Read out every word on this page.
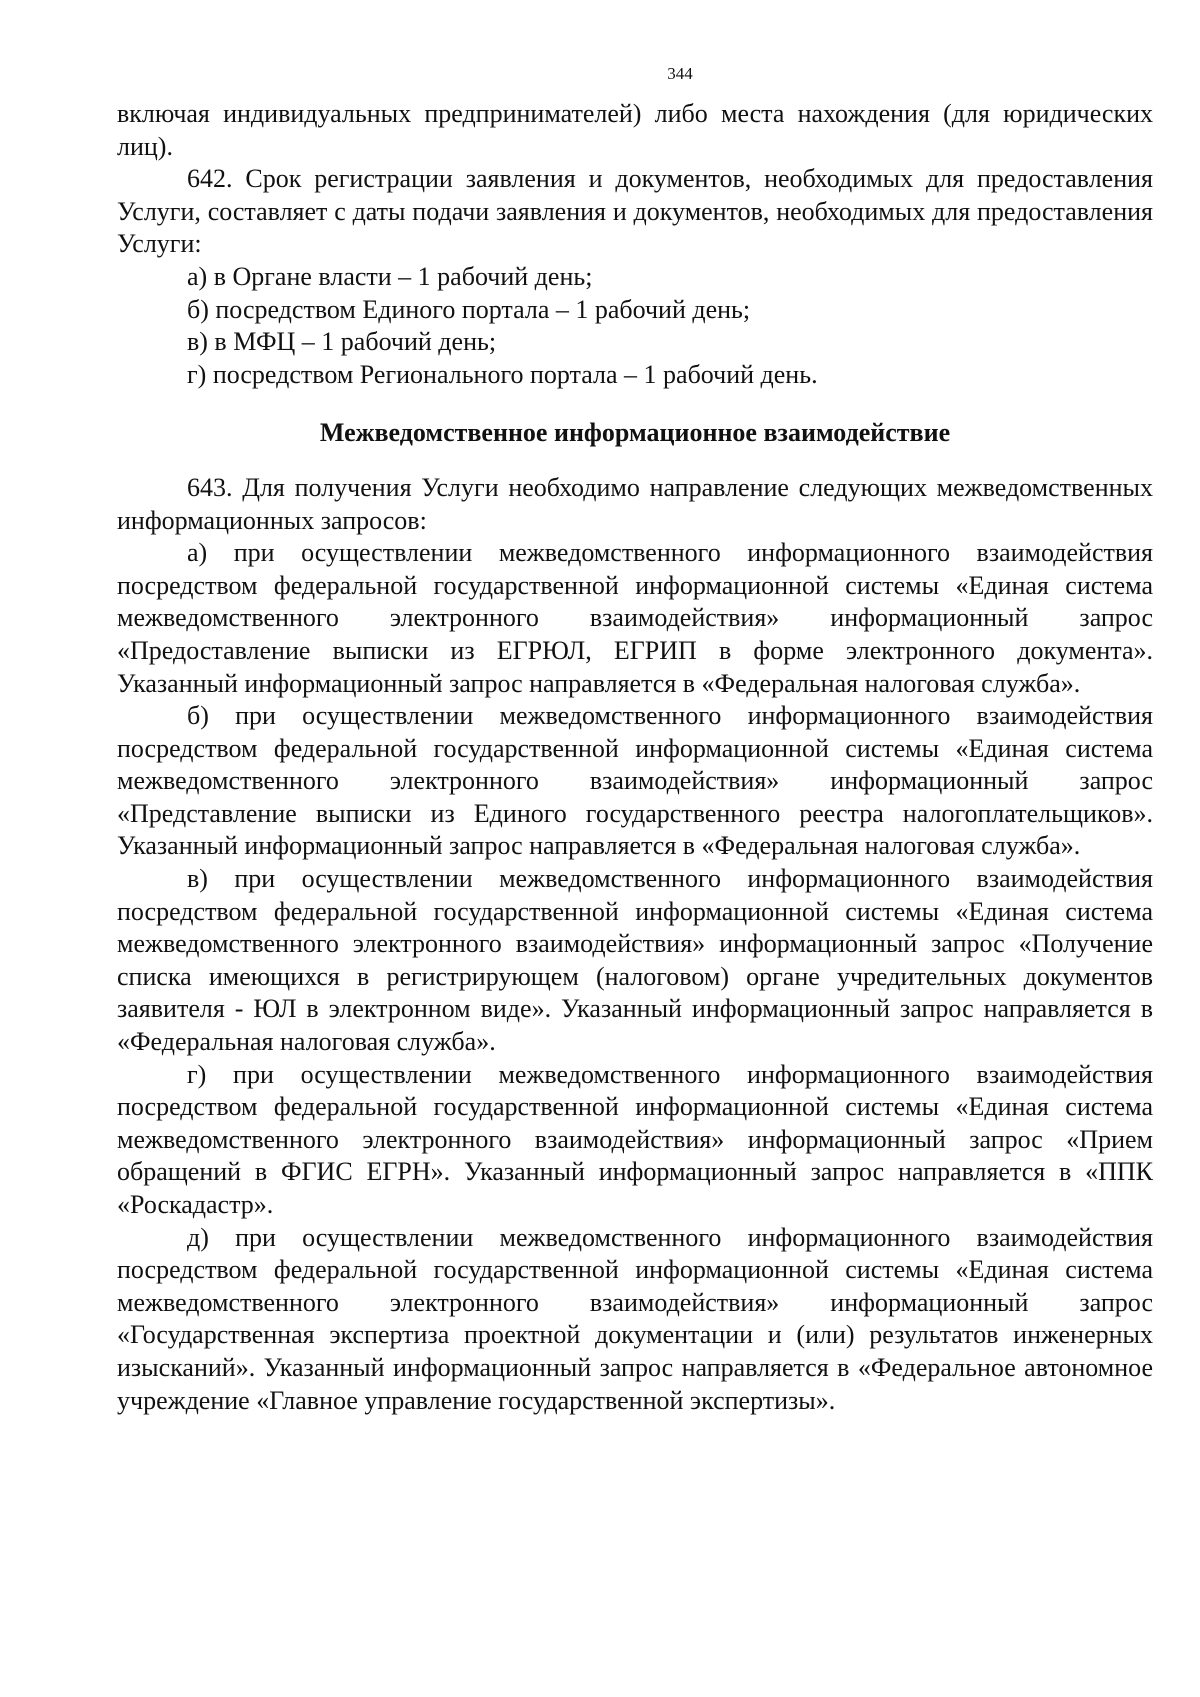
344

включая индивидуальных предпринимателей) либо места нахождения (для юридических лиц).

642. Срок регистрации заявления и документов, необходимых для предоставления Услуги, составляет с даты подачи заявления и документов, необходимых для предоставления Услуги:

а) в Органе власти – 1 рабочий день;

б) посредством Единого портала – 1 рабочий день;

в) в МФЦ – 1 рабочий день;

г) посредством Регионального портала – 1 рабочий день.

Межведомственное информационное взаимодействие

643. Для получения Услуги необходимо направление следующих межведомственных информационных запросов:

а) при осуществлении межведомственного информационного взаимодействия посредством федеральной государственной информационной системы «Единая система межведомственного электронного взаимодействия» информационный запрос «Предоставление выписки из ЕГРЮЛ, ЕГРИП в форме электронного документа». Указанный информационный запрос направляется в «Федеральная налоговая служба».

б) при осуществлении межведомственного информационного взаимодействия посредством федеральной государственной информационной системы «Единая система межведомственного электронного взаимодействия» информационный запрос «Представление выписки из Единого государственного реестра налогоплательщиков». Указанный информационный запрос направляется в «Федеральная налоговая служба».

в) при осуществлении межведомственного информационного взаимодействия посредством федеральной государственной информационной системы «Единая система межведомственного электронного взаимодействия» информационный запрос «Получение списка имеющихся в регистрирующем (налоговом) органе учредительных документов заявителя - ЮЛ в электронном виде». Указанный информационный запрос направляется в «Федеральная налоговая служба».

г) при осуществлении межведомственного информационного взаимодействия посредством федеральной государственной информационной системы «Единая система межведомственного электронного взаимодействия» информационный запрос «Прием обращений в ФГИС ЕГРН». Указанный информационный запрос направляется в «ППК «Роскадастр».

д) при осуществлении межведомственного информационного взаимодействия посредством федеральной государственной информационной системы «Единая система межведомственного электронного взаимодействия» информационный запрос «Государственная экспертиза проектной документации и (или) результатов инженерных изысканий». Указанный информационный запрос направляется в «Федеральное автономное учреждение «Главное управление государственной экспертизы».
